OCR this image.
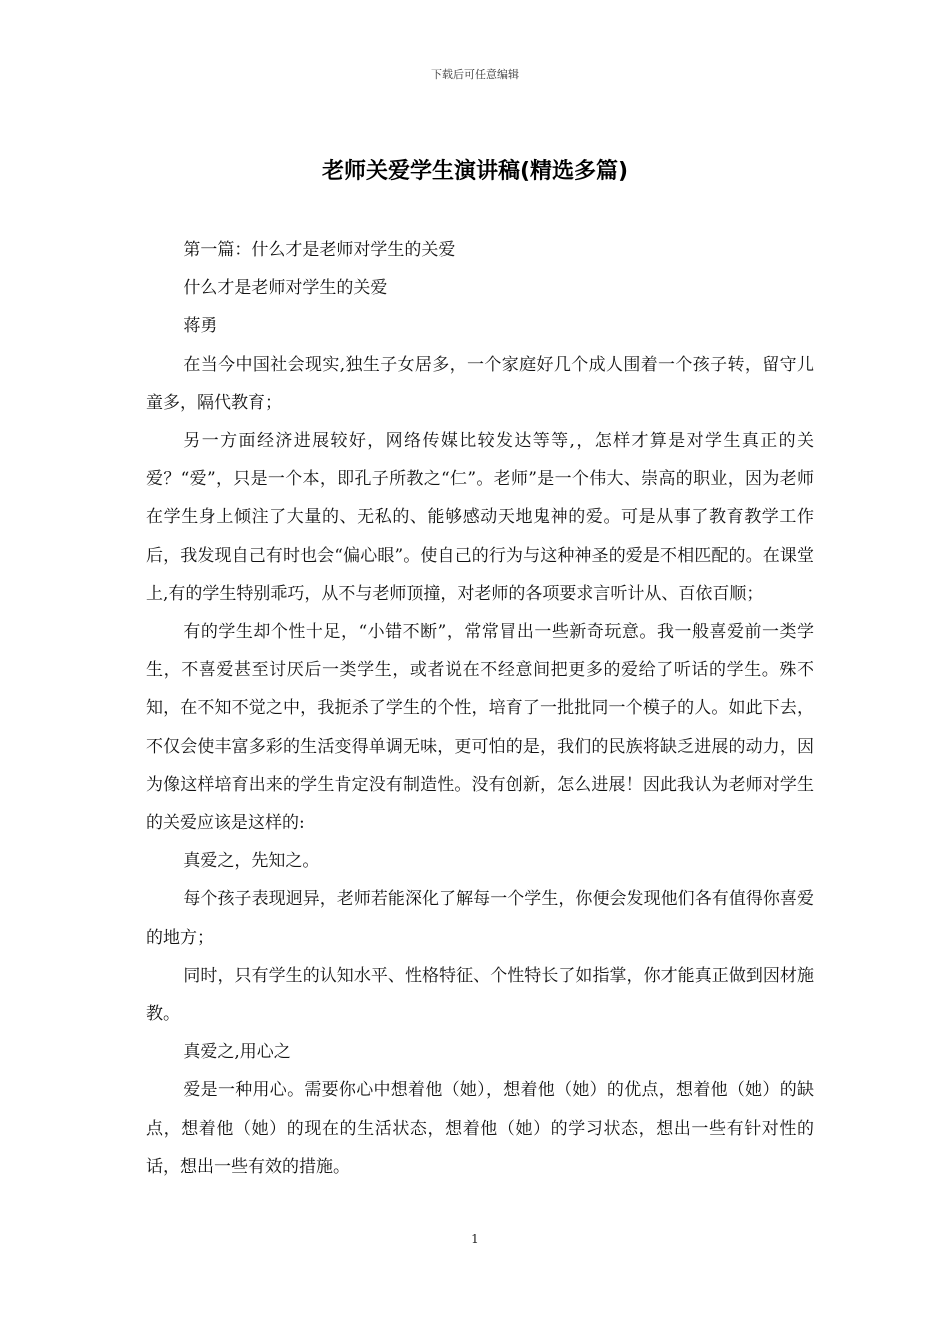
下载后可任意编辑
老师关爱学生演讲稿(精选多篇)

第一篇：什么才是老师对学生的关爱

什么才是老师对学生的关爱

蒋勇

在当今中国社会现实,独生子女居多，一个家庭好几个成人围着一个孩子转，留守儿童多，隔代教育；

另一方面经济进展较好，网络传媒比较发达等等,，怎样才算是对学生真正的关爱？“爱”，只是一个本，即孔子所教之“仁”。老师”是一个伟大、崇高的职业，因为老师在学生身上倾注了大量的、无私的、能够感动天地鬼神的爱。可是从事了教育教学工作后，我发现自己有时也会“偏心眼”。使自己的行为与这种神圣的爱是不相匹配的。在课堂上,有的学生特别乖巧，从不与老师顶撞，对老师的各项要求言听计从、百依百顺；

有的学生却个性十足，“小错不断”，常常冒出一些新奇玩意。我一般喜爱前一类学生，不喜爱甚至讨厌后一类学生，或者说在不经意间把更多的爱给了听话的学生。殊不知，在不知不觉之中，我扼杀了学生的个性，培育了一批批同一个模子的人。如此下去，不仅会使丰富多彩的生活变得单调无味，更可怕的是，我们的民族将缺乏进展的动力，因为像这样培育出来的学生肯定没有制造性。没有创新，怎么进展！因此我认为老师对学生的关爱应该是这样的:

真爱之，先知之。

每个孩子表现迥异，老师若能深化了解每一个学生，你便会发现他们各有值得你喜爱的地方；

同时，只有学生的认知水平、性格特征、个性特长了如指掌，你才能真正做到因材施教。

真爱之,用心之

爱是一种用心。需要你心中想着他（她），想着他（她）的优点，想着他（她）的缺点，想着他（她）的现在的生活状态，想着他（她）的学习状态，想出一些有针对性的话，想出一些有效的措施。

1
